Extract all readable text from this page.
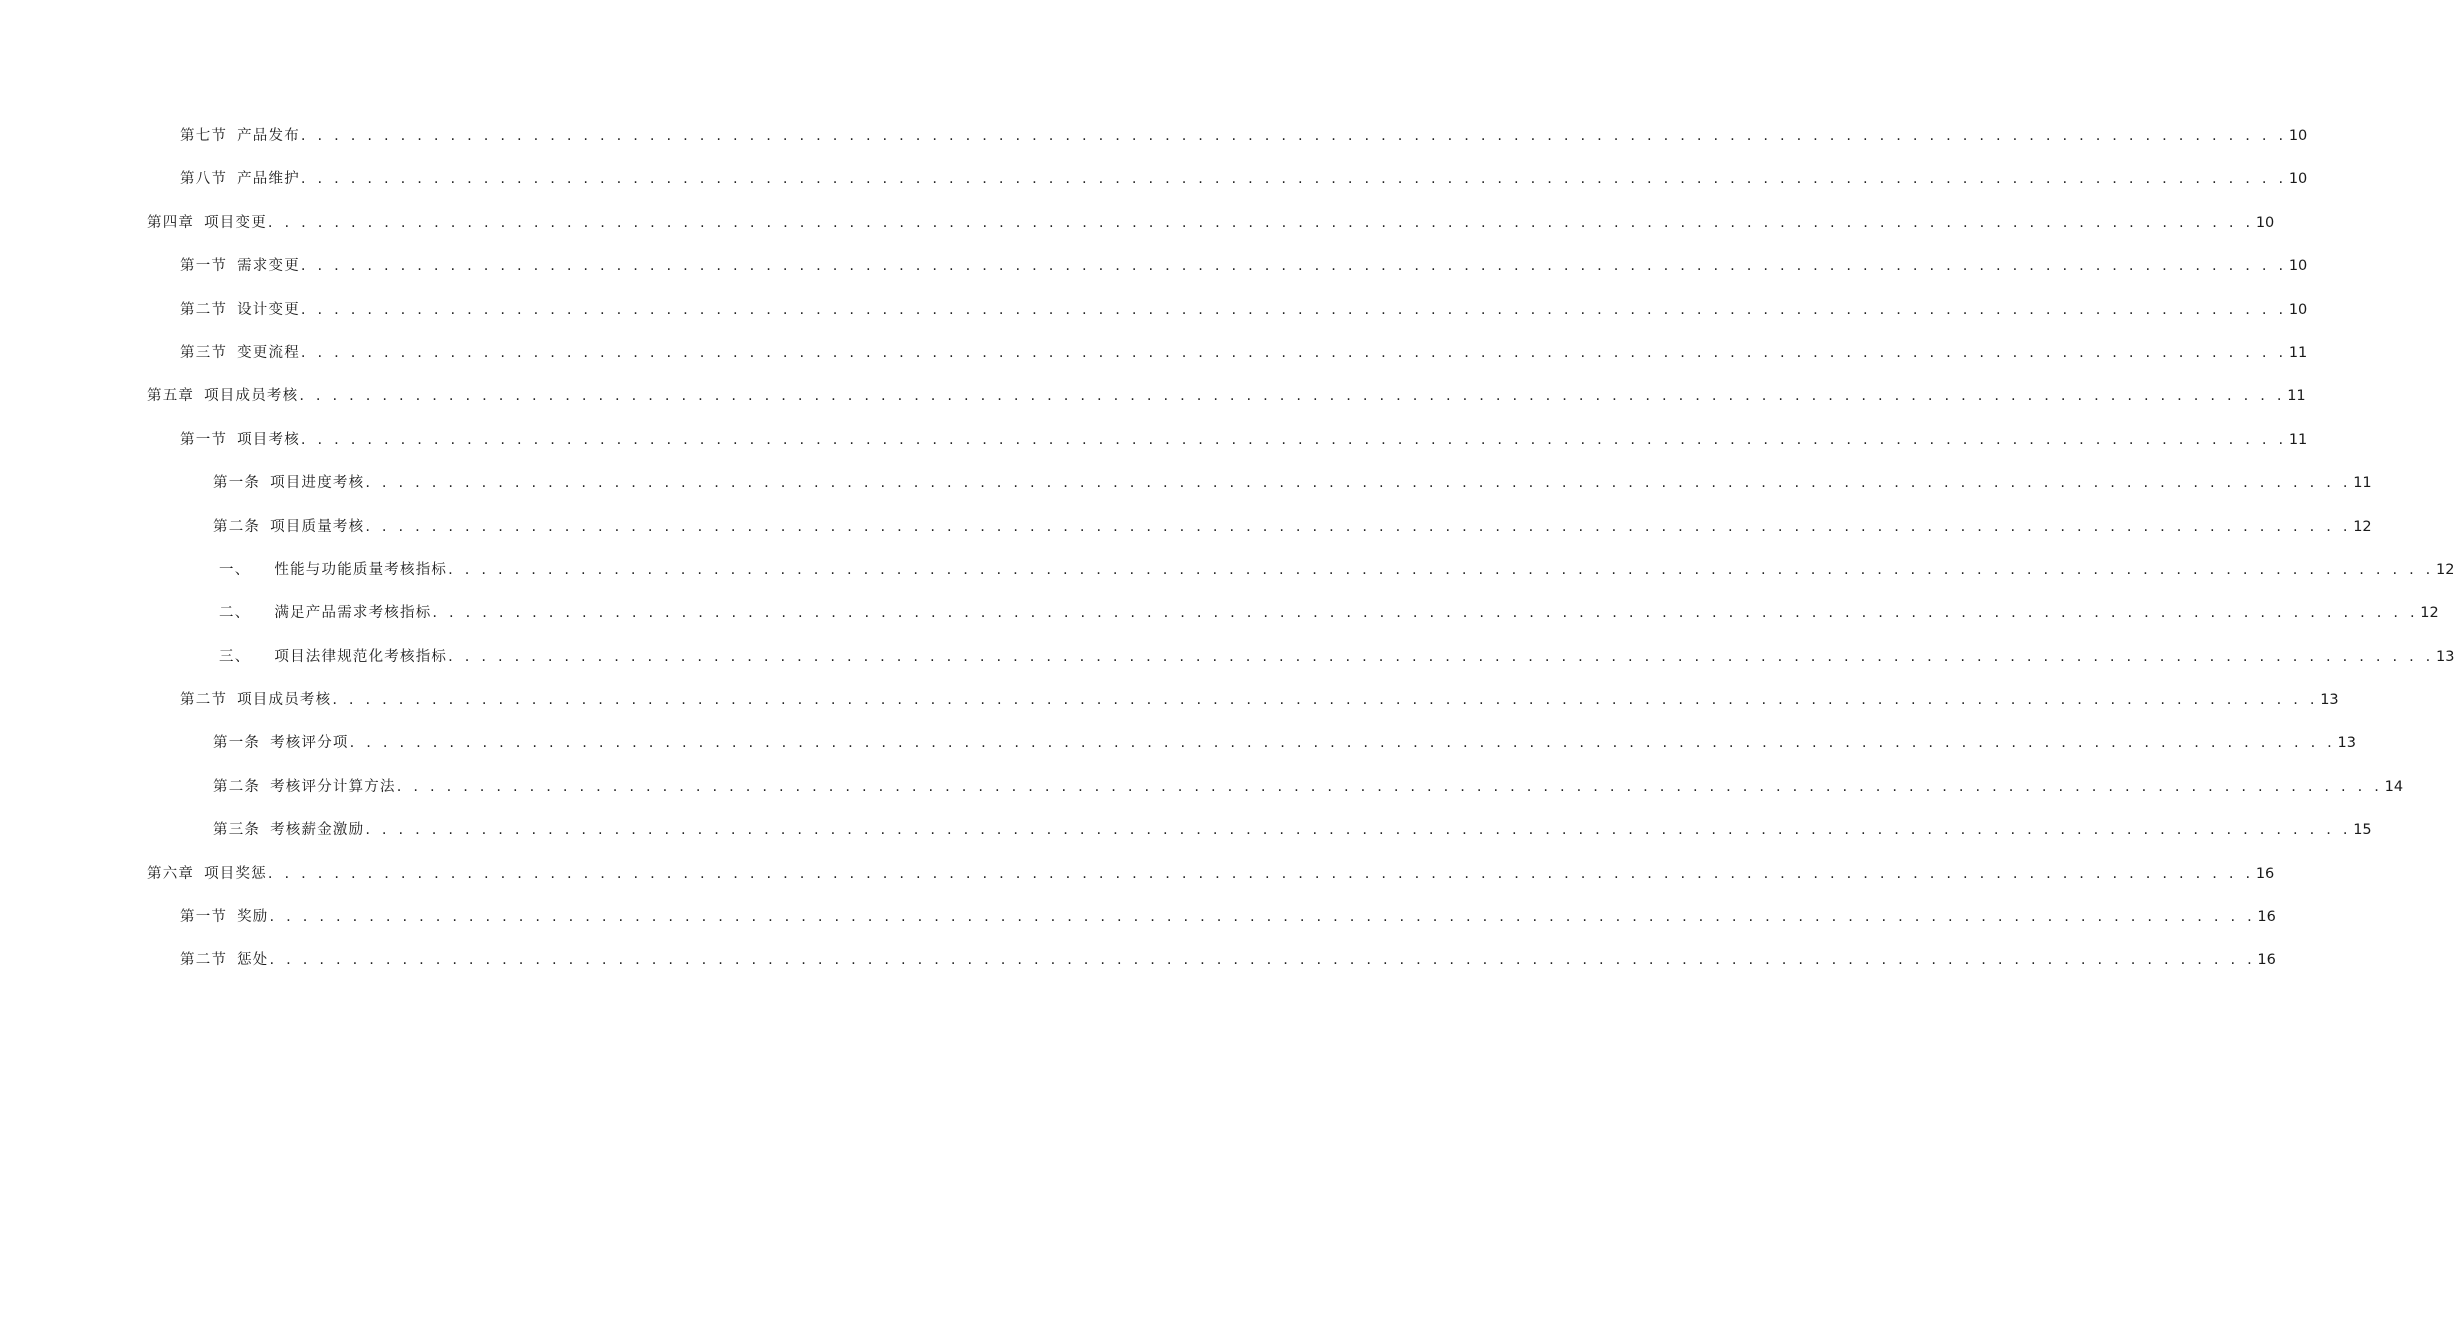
第七节 产品发布 . . . . . . . . . . . . . . . . . . . . . . . . . . . . . . . . . . . . . . . . . . . . . . . . . . . . . . . . . . . . . . . . . . . . . . . . . . . . . . . . . . . . . . . . . . . . . . . . . . . . . . . . . . . . . . . . . . . . . . . . 10
第八节 产品维护 . . . . . . . . . . . . . . . . . . . . . . . . . . . . . . . . . . . . . . . . . . . . . . . . . . . . . . . . . . . . . . . . . . . . . . . . . . . . . . . . . . . . . . . . . . . . . . . . . . . . . . . . . . . . . . . . . . . . . . . . 10
第四章 项目变更 . . . . . . . . . . . . . . . . . . . . . . . . . . . . . . . . . . . . . . . . . . . . . . . . . . . . . . . . . . . . . . . . . . . . . . . . . . . . . . . . . . . . . . . . . . . . . . . . . . . . . . . . . . . . . . . . . . . . . . . . 10
第一节 需求变更 . . . . . . . . . . . . . . . . . . . . . . . . . . . . . . . . . . . . . . . . . . . . . . . . . . . . . . . . . . . . . . . . . . . . . . . . . . . . . . . . . . . . . . . . . . . . . . . . . . . . . . . . . . . . . . . . . . . . . . . . 10
第二节 设计变更 . . . . . . . . . . . . . . . . . . . . . . . . . . . . . . . . . . . . . . . . . . . . . . . . . . . . . . . . . . . . . . . . . . . . . . . . . . . . . . . . . . . . . . . . . . . . . . . . . . . . . . . . . . . . . . . . . . . . . . . . 10
第三节 变更流程 . . . . . . . . . . . . . . . . . . . . . . . . . . . . . . . . . . . . . . . . . . . . . . . . . . . . . . . . . . . . . . . . . . . . . . . . . . . . . . . . . . . . . . . . . . . . . . . . . . . . . . . . . . . . . . . . . . . . . . . . 11
第五章 项目成员考核 . . . . . . . . . . . . . . . . . . . . . . . . . . . . . . . . . . . . . . . . . . . . . . . . . . . . . . . . . . . . . . . . . . . . . . . . . . . . . . . . . . . . . . . . . . . . . . . . . . . . . . . . . . . . . . . . . . . . . . . . 11
第一节 项目考核 . . . . . . . . . . . . . . . . . . . . . . . . . . . . . . . . . . . . . . . . . . . . . . . . . . . . . . . . . . . . . . . . . . . . . . . . . . . . . . . . . . . . . . . . . . . . . . . . . . . . . . . . . . . . . . . . . . . . . . . . 11
第一条 项目进度考核 . . . . . . . . . . . . . . . . . . . . . . . . . . . . . . . . . . . . . . . . . . . . . . . . . . . . . . . . . . . . . . . . . . . . . . . . . . . . . . . . . . . . . . . . . . . . . . . . . . . . . . . . . . . . . . . . . . . . . . . . 11
第二条 项目质量考核 . . . . . . . . . . . . . . . . . . . . . . . . . . . . . . . . . . . . . . . . . . . . . . . . . . . . . . . . . . . . . . . . . . . . . . . . . . . . . . . . . . . . . . . . . . . . . . . . . . . . . . . . . . . . . . . . . . . . . . . . 12
一、 性能与功能质量考核指标 . . . . . . . . . . . . . . . . . . . . . . . . . . . . . . . . . . . . . . . . . . . . . . . . . . . . . . . . . . . . . . . . . . . . . . . . . . . . . . . . . . . . . . . . . . . . . . . . . . . . . . . . . . . . . . . . . . . . . . . . 12
二、 满足产品需求考核指标 . . . . . . . . . . . . . . . . . . . . . . . . . . . . . . . . . . . . . . . . . . . . . . . . . . . . . . . . . . . . . . . . . . . . . . . . . . . . . . . . . . . . . . . . . . . . . . . . . . . . . . . . . . . . . . . . . . . . . . . . 12
三、 项目法律规范化考核指标 . . . . . . . . . . . . . . . . . . . . . . . . . . . . . . . . . . . . . . . . . . . . . . . . . . . . . . . . . . . . . . . . . . . . . . . . . . . . . . . . . . . . . . . . . . . . . . . . . . . . . . . . . . . . . . . . . . . . . . . . 13
第二节 项目成员考核 . . . . . . . . . . . . . . . . . . . . . . . . . . . . . . . . . . . . . . . . . . . . . . . . . . . . . . . . . . . . . . . . . . . . . . . . . . . . . . . . . . . . . . . . . . . . . . . . . . . . . . . . . . . . . . . . . . . . . . . . 13
第一条 考核评分项 . . . . . . . . . . . . . . . . . . . . . . . . . . . . . . . . . . . . . . . . . . . . . . . . . . . . . . . . . . . . . . . . . . . . . . . . . . . . . . . . . . . . . . . . . . . . . . . . . . . . . . . . . . . . . . . . . . . . . . . . 13
第二条 考核评分计算方法 . . . . . . . . . . . . . . . . . . . . . . . . . . . . . . . . . . . . . . . . . . . . . . . . . . . . . . . . . . . . . . . . . . . . . . . . . . . . . . . . . . . . . . . . . . . . . . . . . . . . . . . . . . . . . . . . . . . . . . . . 14
第三条 考核薪金激励 . . . . . . . . . . . . . . . . . . . . . . . . . . . . . . . . . . . . . . . . . . . . . . . . . . . . . . . . . . . . . . . . . . . . . . . . . . . . . . . . . . . . . . . . . . . . . . . . . . . . . . . . . . . . . . . . . . . . . . . . 15
第六章 项目奖惩 . . . . . . . . . . . . . . . . . . . . . . . . . . . . . . . . . . . . . . . . . . . . . . . . . . . . . . . . . . . . . . . . . . . . . . . . . . . . . . . . . . . . . . . . . . . . . . . . . . . . . . . . . . . . . . . . . . . . . . . . 16
第一节 奖励 . . . . . . . . . . . . . . . . . . . . . . . . . . . . . . . . . . . . . . . . . . . . . . . . . . . . . . . . . . . . . . . . . . . . . . . . . . . . . . . . . . . . . . . . . . . . . . . . . . . . . . . . . . . . . . . . . . . . . . . . 16
第二节 惩处 . . . . . . . . . . . . . . . . . . . . . . . . . . . . . . . . . . . . . . . . . . . . . . . . . . . . . . . . . . . . . . . . . . . . . . . . . . . . . . . . . . . . . . . . . . . . . . . . . . . . . . . . . . . . . . . . . . . . . . . . 16
